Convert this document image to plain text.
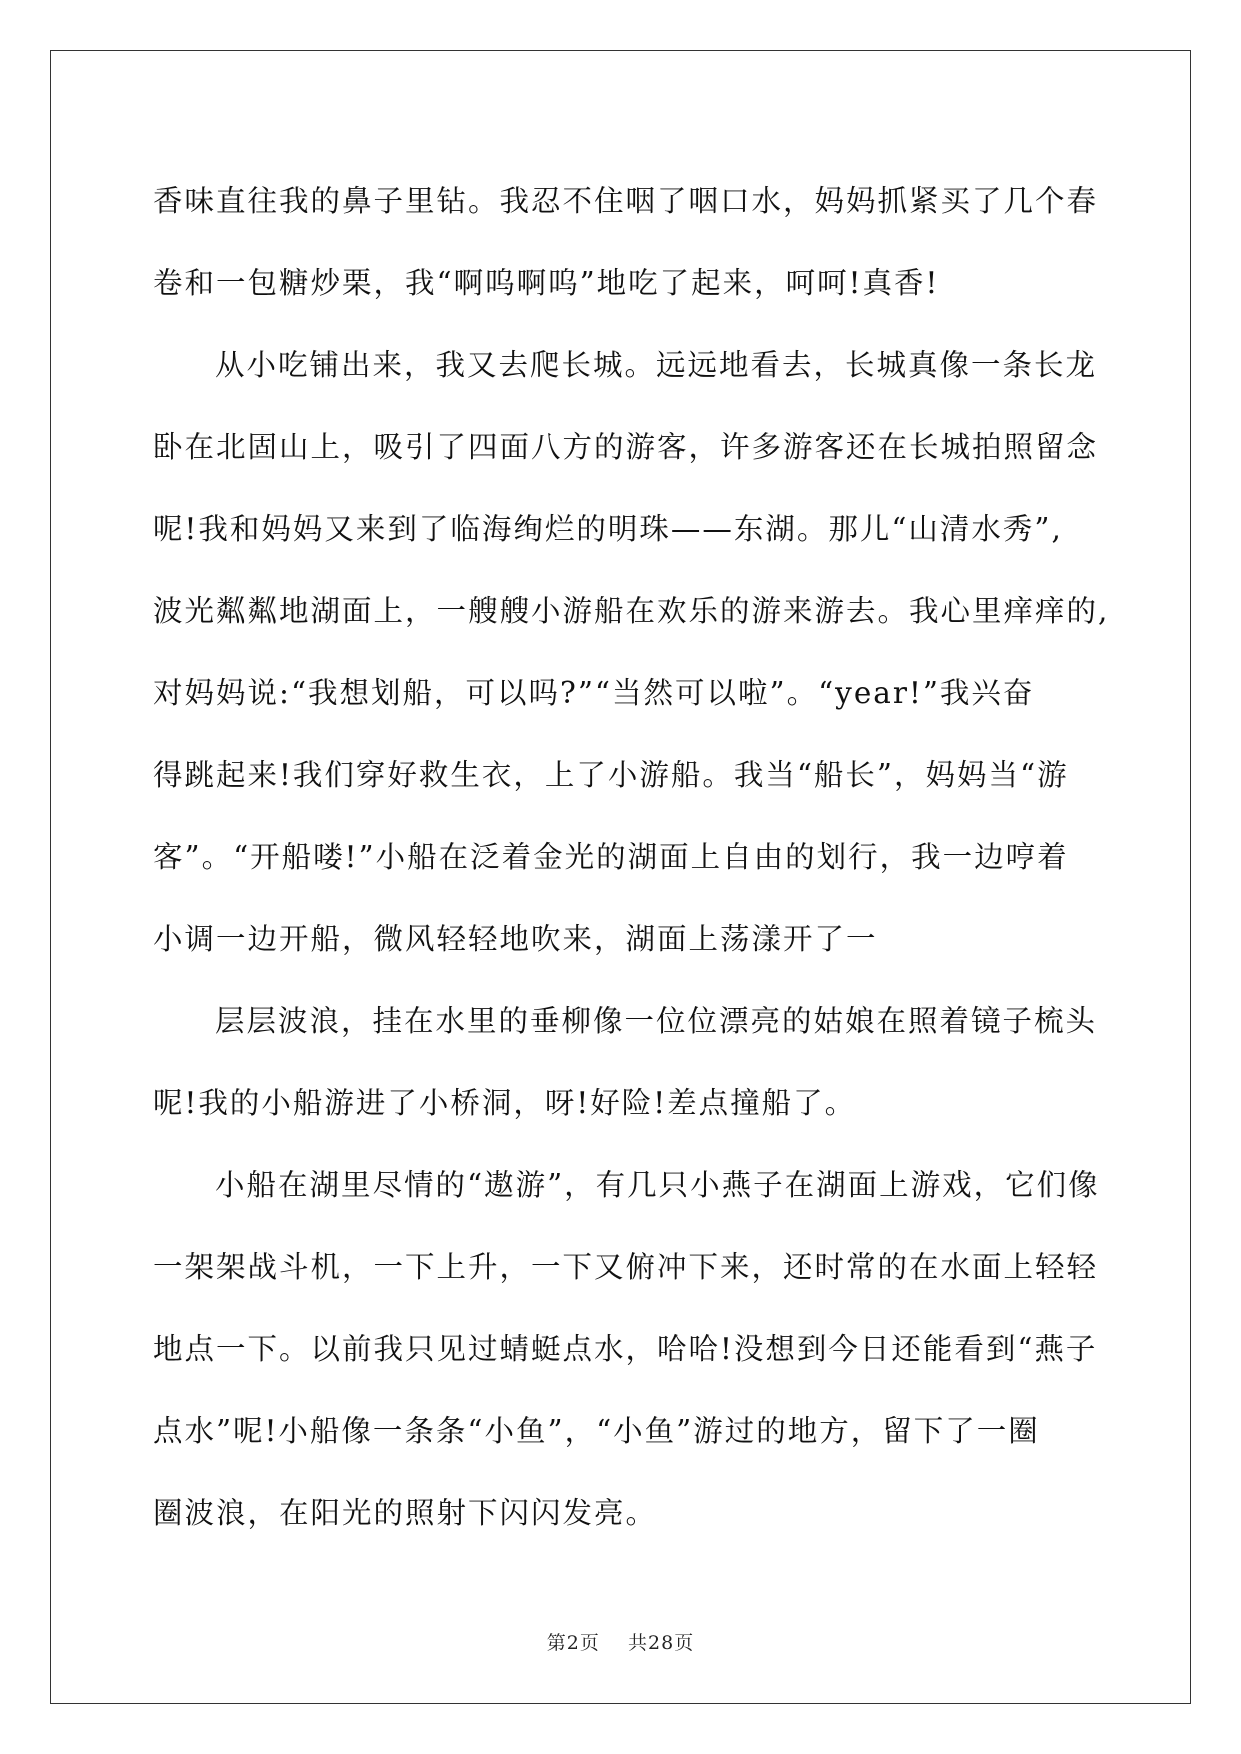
香味直往我的鼻子里钻。我忍不住咽了咽口水，妈妈抓紧买了几个春
卷和一包糖炒栗，我“啊呜啊呜”地吃了起来，呵呵!真香!
从小吃铺出来，我又去爬长城。远远地看去，长城真像一条长龙
卧在北固山上，吸引了四面八方的游客，许多游客还在长城拍照留念
呢!我和妈妈又来到了临海绚烂的明珠——东湖。那儿“山清水秀”,
波光粼粼地湖面上，一艘艘小游船在欢乐的游来游去。我心里痒痒的,
对妈妈说:“我想划船，可以吗?”“当然可以啦”。“year!”我兴奋
得跳起来!我们穿好救生衣，上了小游船。我当“船长”，妈妈当“游
客”。“开船喽!”小船在泛着金光的湖面上自由的划行，我一边哼着
小调一边开船，微风轻轻地吹来，湖面上荡漾开了一
层层波浪，挂在水里的垂柳像一位位漂亮的姑娘在照着镜子梳头
呢!我的小船游进了小桥洞，呀!好险!差点撞船了。
小船在湖里尽情的“遨游”，有几只小燕子在湖面上游戏，它们像
一架架战斗机，一下上升，一下又俯冲下来，还时常的在水面上轻轻
地点一下。以前我只见过蜻蜓点水，哈哈!没想到今日还能看到“燕子
点水”呢!小船像一条条“小鱼”，“小鱼”游过的地方，留下了一圈
圈波浪，在阳光的照射下闪闪发亮。
第2页    共28页
